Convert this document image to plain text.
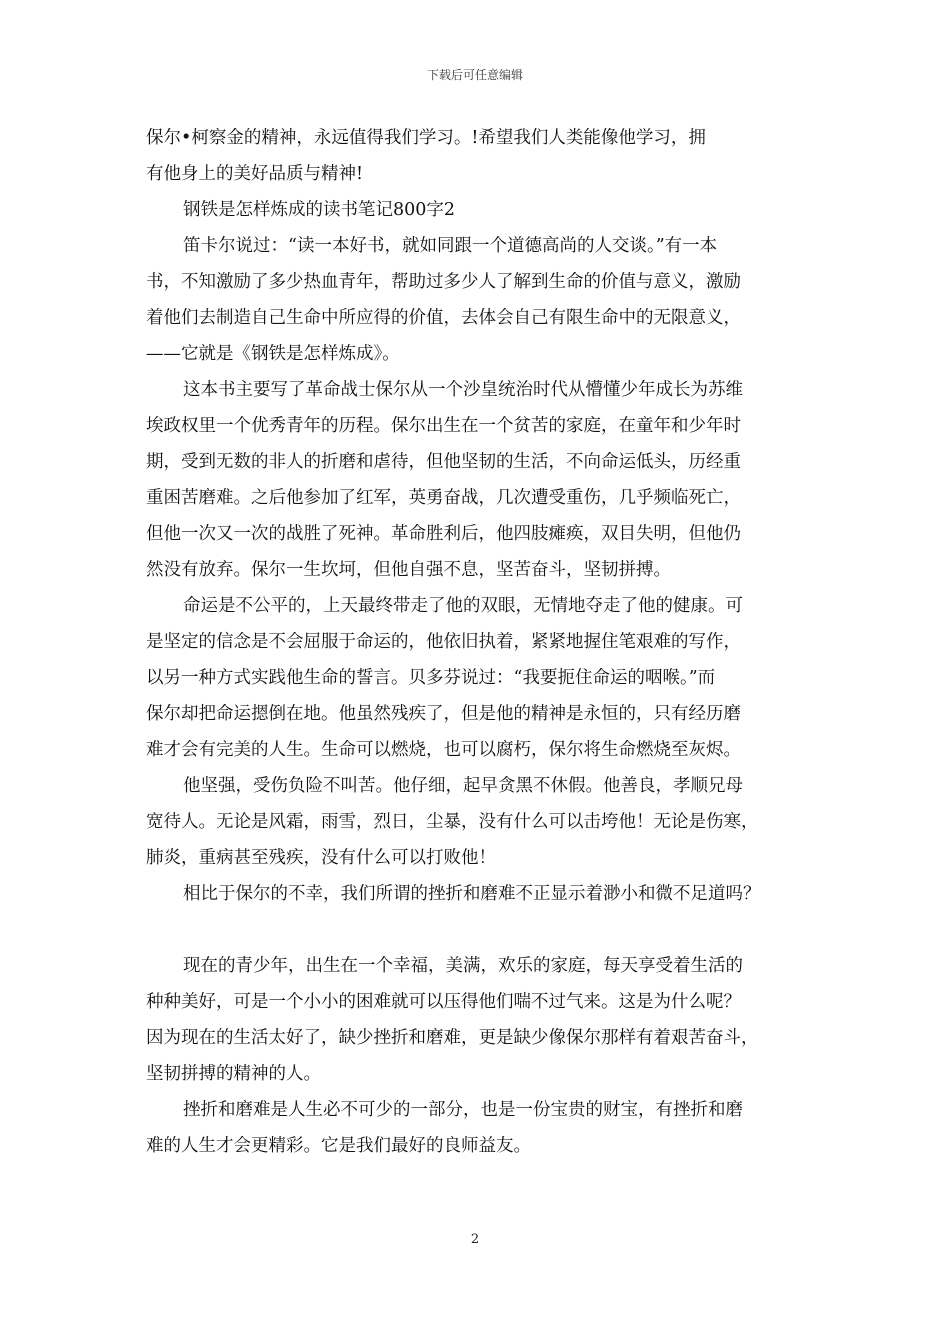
下载后可任意编辑
保尔•柯察金的精神，永远值得我们学习。!希望我们人类能像他学习，拥
有他身上的美好品质与精神!
钢铁是怎样炼成的读书笔记800字2
笛卡尔说过：“读一本好书，就如同跟一个道德高尚的人交谈。”有一本
书，不知激励了多少热血青年，帮助过多少人了解到生命的价值与意义，激励
着他们去制造自己生命中所应得的价值，去体会自己有限生命中的无限意义，
——它就是《钢铁是怎样炼成》。
这本书主要写了革命战士保尔从一个沙皇统治时代从懵懂少年成长为苏维
埃政权里一个优秀青年的历程。保尔出生在一个贫苦的家庭，在童年和少年时
期，受到无数的非人的折磨和虐待，但他坚韧的生活，不向命运低头，历经重
重困苦磨难。之后他参加了红军，英勇奋战，几次遭受重伤，几乎频临死亡，
但他一次又一次的战胜了死神。革命胜利后，他四肢瘫痪，双目失明，但他仍
然没有放弃。保尔一生坎坷，但他自强不息，坚苦奋斗，坚韧拼搏。
命运是不公平的，上天最终带走了他的双眼，无情地夺走了他的健康。可
是坚定的信念是不会屈服于命运的，他依旧执着，紧紧地握住笔艰难的写作，
以另一种方式实践他生命的誓言。贝多芬说过：“我要扼住命运的咽喉。”而
保尔却把命运摁倒在地。他虽然残疾了，但是他的精神是永恒的，只有经历磨
难才会有完美的人生。生命可以燃烧，也可以腐朽，保尔将生命燃烧至灰烬。
他坚强，受伤负险不叫苦。他仔细，起早贪黑不休假。他善良，孝顺兄母
宽待人。无论是风霜，雨雪，烈日，尘暴，没有什么可以击垮他！无论是伤寒，
肺炎，重病甚至残疾，没有什么可以打败他！
相比于保尔的不幸，我们所谓的挫折和磨难不正显示着渺小和微不足道吗？
现在的青少年，出生在一个幸福，美满，欢乐的家庭，每天享受着生活的
种种美好，可是一个小小的困难就可以压得他们喘不过气来。这是为什么呢？
因为现在的生活太好了，缺少挫折和磨难，更是缺少像保尔那样有着艰苦奋斗，
坚韧拼搏的精神的人。
挫折和磨难是人生必不可少的一部分，也是一份宝贵的财宝，有挫折和磨
难的人生才会更精彩。它是我们最好的良师益友。
2
